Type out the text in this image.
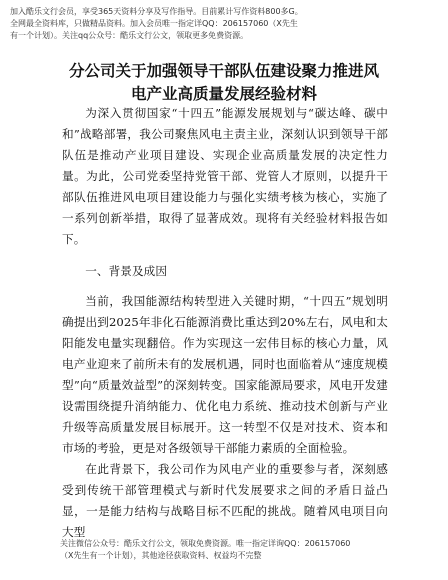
加入酷乐文行会员，享受365天资料分享及写作指导。目前累计写作资料800多G。
全网最全资料库，只做精品资料。加入会员唯一指定详QQ：206157060（X先生
有一个计划）。关注qq公众号：酷乐文行公文，领取更多免费资源。
分公司关于加强领导干部队伍建设聚力推进风
电产业高质量发展经验材料

为深入贯彻国家“十四五”能源发展规划与“碳达峰、碳中和”战略部署，我公司聚焦风电主责主业，深刻认识到领导干部队伍是推动产业项目建设、实现企业高质量发展的决定性力量。为此，公司党委坚持党管干部、党管人才原则，以提升干部队伍推进风电项目建设能力与强化实绩考核为核心，实施了一系列创新举措，取得了显著成效。现将有关经验材料报告如下。

一、背景及成因

当前，我国能源结构转型进入关键时期，“十四五”规划明确提出到2025年非化石能源消费比重达到20%左右，风电和太阳能发电量实现翻倍。作为实现这一宏伟目标的核心力量，风电产业迎来了前所未有的发展机遇，同时也面临着从“速度规模型”向“质量效益型”的深刻转变。国家能源局要求，风电开发建设需围绕提升消纳能力、优化电力系统、推动技术创新与产业升级等高质量发展目标展开。这一转型不仅是对技术、资本和市场的考验，更是对各级领导干部能力素质的全面检验。

在此背景下，我公司作为风电产业的重要参与者，深刻感受到传统干部管理模式与新时代发展要求之间的矛盾日益凸显，一是能力结构与战略目标不匹配的挑战。随着风电项目向大型

关注微信公众号：酷乐文行公文，领取免费资源。唯一指定详询QQ：206157060
（X先生有一个计划），其他途径获取资料、权益均不完整
